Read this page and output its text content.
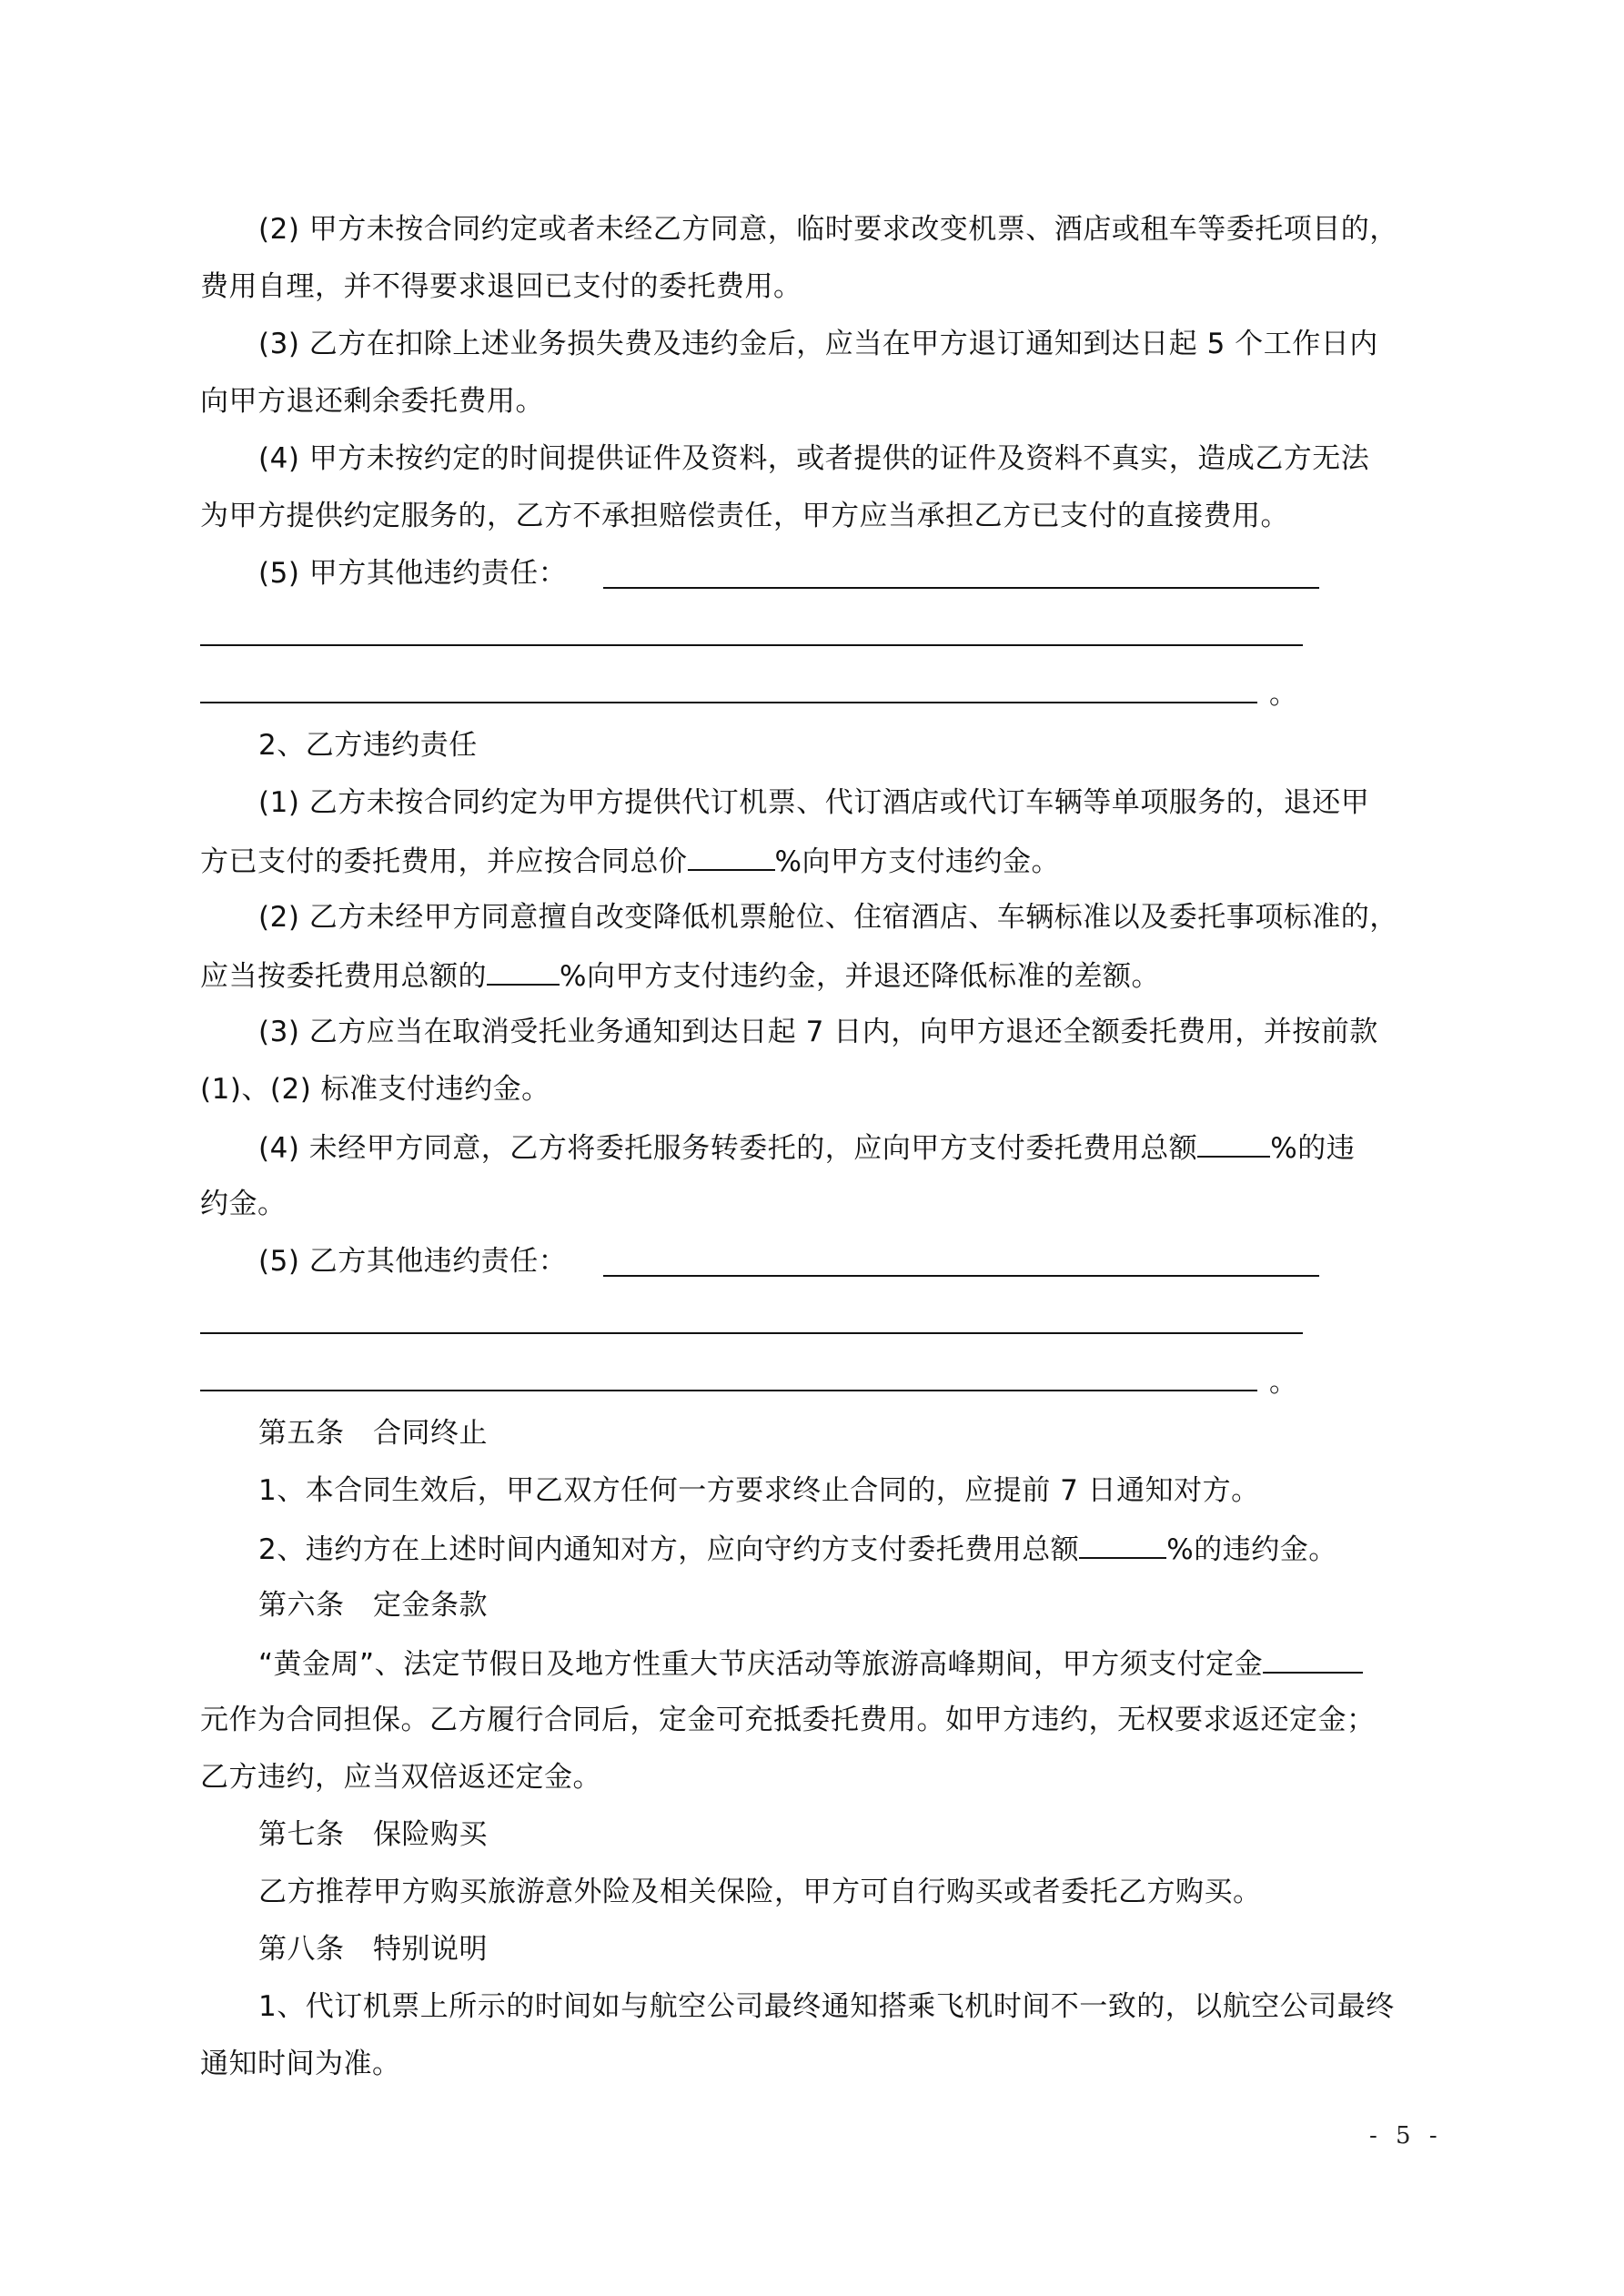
(2) 甲方未按合同约定或者未经乙方同意，临时要求改变机票、酒店或租车等委托项目的，
费用自理，并不得要求退回已支付的委托费用。
(3) 乙方在扣除上述业务损失费及违约金后，应当在甲方退订通知到达日起 5 个工作日内
向甲方退还剩余委托费用。
(4) 甲方未按约定的时间提供证件及资料，或者提供的证件及资料不真实，造成乙方无法
为甲方提供约定服务的，乙方不承担赔偿责任，甲方应当承担乙方已支付的直接费用。
(5) 甲方其他违约责任：
。
2、乙方违约责任
(1) 乙方未按合同约定为甲方提供代订机票、代订酒店或代订车辆等单项服务的，退还甲
方已支付的委托费用，并应按合同总价	%向甲方支付违约金。
(2) 乙方未经甲方同意擅自改变降低机票舱位、住宿酒店、车辆标准以及委托事项标准的，
应当按委托费用总额的	%向甲方支付违约金，并退还降低标准的差额。
(3) 乙方应当在取消受托业务通知到达日起 7 日内，向甲方退还全额委托费用，并按前款
(1)、(2) 标准支付违约金。
(4) 未经甲方同意，乙方将委托服务转委托的，应向甲方支付委托费用总额	%的违
约金。
(5) 乙方其他违约责任：
。
第五条　合同终止
1、本合同生效后，甲乙双方任何一方要求终止合同的，应提前 7 日通知对方。
2、违约方在上述时间内通知对方，应向守约方支付委托费用总额	%的违约金。
第六条　定金条款
“黄金周”、法定节假日及地方性重大节庆活动等旅游高峰期间，甲方须支付定金
元作为合同担保。乙方履行合同后，定金可充抵委托费用。如甲方违约，无权要求返还定金；
乙方违约，应当双倍返还定金。
第七条　保险购买
乙方推荐甲方购买旅游意外险及相关保险，甲方可自行购买或者委托乙方购买。
第八条　特别说明
1、代订机票上所示的时间如与航空公司最终通知搭乘飞机时间不一致的，以航空公司最终
通知时间为准。
- 5 -
